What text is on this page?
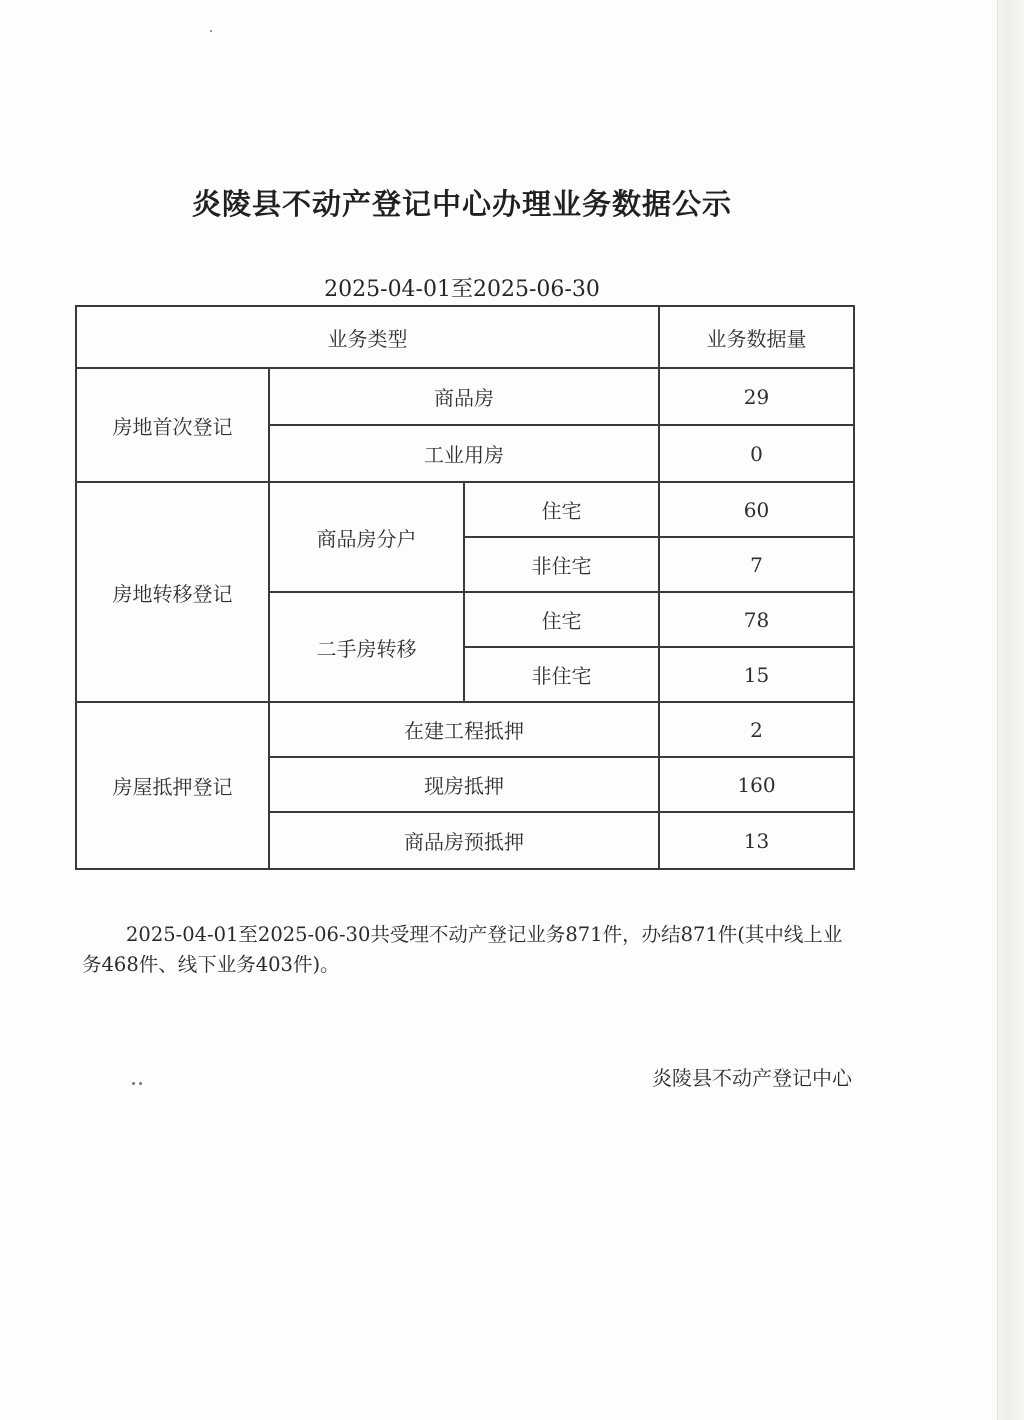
炎陵县不动产登记中心办理业务数据公示
2025-04-01至2025-06-30
业务类型			业务数据量
房地首次登记	商品房		29
	工业用房		0
房地转移登记	商品房分户	住宅	60
		非住宅	7
	二手房转移	住宅	78
		非住宅	15
房屋抵押登记	在建工程抵押		2
	现房抵押		160
	商品房预抵押		13
2025-04-01至2025-06-30共受理不动产登记业务871件，办结871件(其中线上业务468件、线下业务403件)。
炎陵县不动产登记中心
